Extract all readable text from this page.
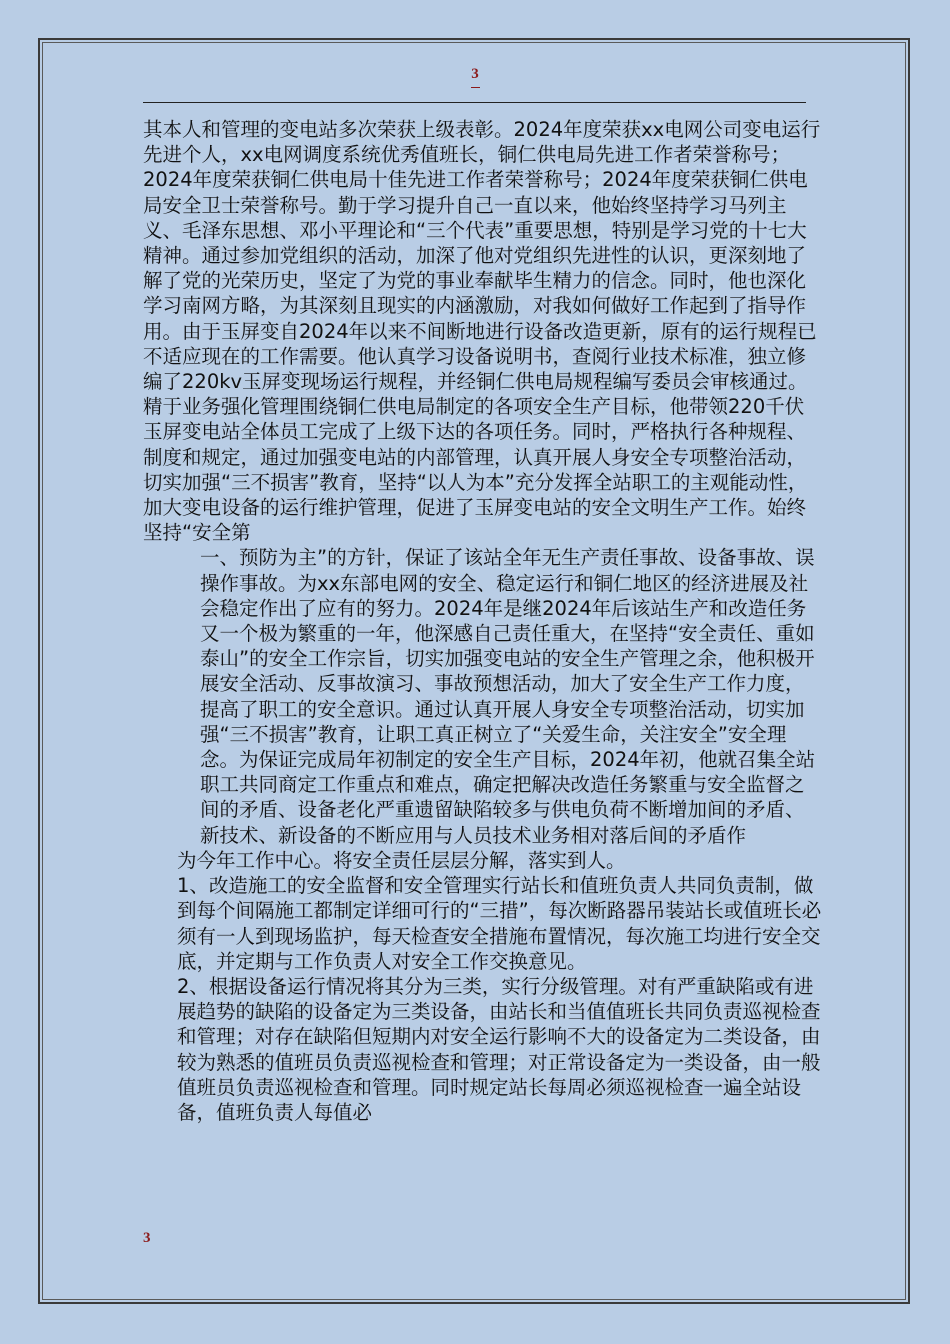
3

其本人和管理的变电站多次荣获上级表彰。2024年度荣获xx电网公司变电运行先进个人，xx电网调度系统优秀值班长，铜仁供电局先进工作者荣誉称号；2024年度荣获铜仁供电局十佳先进工作者荣誉称号；2024年度荣获铜仁供电局安全卫士荣誉称号。勤于学习提升自己一直以来，他始终坚持学习马列主义、毛泽东思想、邓小平理论和“三个代表”重要思想，特别是学习党的十七大精神。通过参加党组织的活动，加深了他对党组织先进性的认识，更深刻地了解了党的光荣历史，坚定了为党的事业奉献毕生精力的信念。同时，他也深化学习南网方略，为其深刻且现实的内涵激励，对我如何做好工作起到了指导作用。由于玉屏变自2024年以来不间断地进行设备改造更新，原有的运行规程已不适应现在的工作需要。他认真学习设备说明书，查阅行业技术标准，独立修编了220kv玉屏变现场运行规程，并经铜仁供电局规程编写委员会审核通过。精于业务强化管理围绕铜仁供电局制定的各项安全生产目标，他带领220千伏玉屏变电站全体员工完成了上级下达的各项任务。同时，严格执行各种规程、制度和规定，通过加强变电站的内部管理，认真开展人身安全专项整治活动，切实加强“三不损害”教育，坚持“以人为本”充分发挥全站职工的主观能动性，加大变电设备的运行维护管理，促进了玉屏变电站的安全文明生产工作。始终坚持“安全第

一、预防为主”的方针，保证了该站全年无生产责任事故、设备事故、误操作事故。为xx东部电网的安全、稳定运行和铜仁地区的经济进展及社会稳定作出了应有的努力。2024年是继2024年后该站生产和改造任务又一个极为繁重的一年，他深感自己责任重大，在坚持“安全责任、重如泰山”的安全工作宗旨，切实加强变电站的安全生产管理之余，他积极开展安全活动、反事故演习、事故预想活动，加大了安全生产工作力度，提高了职工的安全意识。通过认真开展人身安全专项整治活动，切实加强“三不损害”教育，让职工真正树立了“关爱生命，关注安全”安全理念。为保证完成局年初制定的安全生产目标，2024年初，他就召集全站职工共同商定工作重点和难点，确定把解决改造任务繁重与安全监督之间的矛盾、设备老化严重遗留缺陷较多与供电负荷不断增加间的矛盾、新技术、新设备的不断应用与人员技术业务相对落后间的矛盾作

为今年工作中心。将安全责任层层分解，落实到人。

1、改造施工的安全监督和安全管理实行站长和值班负责人共同负责制，做到每个间隔施工都制定详细可行的“三措”，每次断路器吊装站长或值班长必须有一人到现场监护，每天检查安全措施布置情况，每次施工均进行安全交底，并定期与工作负责人对安全工作交换意见。

2、根据设备运行情况将其分为三类，实行分级管理。对有严重缺陷或有进展趋势的缺陷的设备定为三类设备，由站长和当值值班长共同负责巡视检查和管理；对存在缺陷但短期内对安全运行影响不大的设备定为二类设备，由较为熟悉的值班员负责巡视检查和管理；对正常设备定为一类设备，由一般值班员负责巡视检查和管理。同时规定站长每周必须巡视检查一遍全站设备，值班负责人每值必

3
